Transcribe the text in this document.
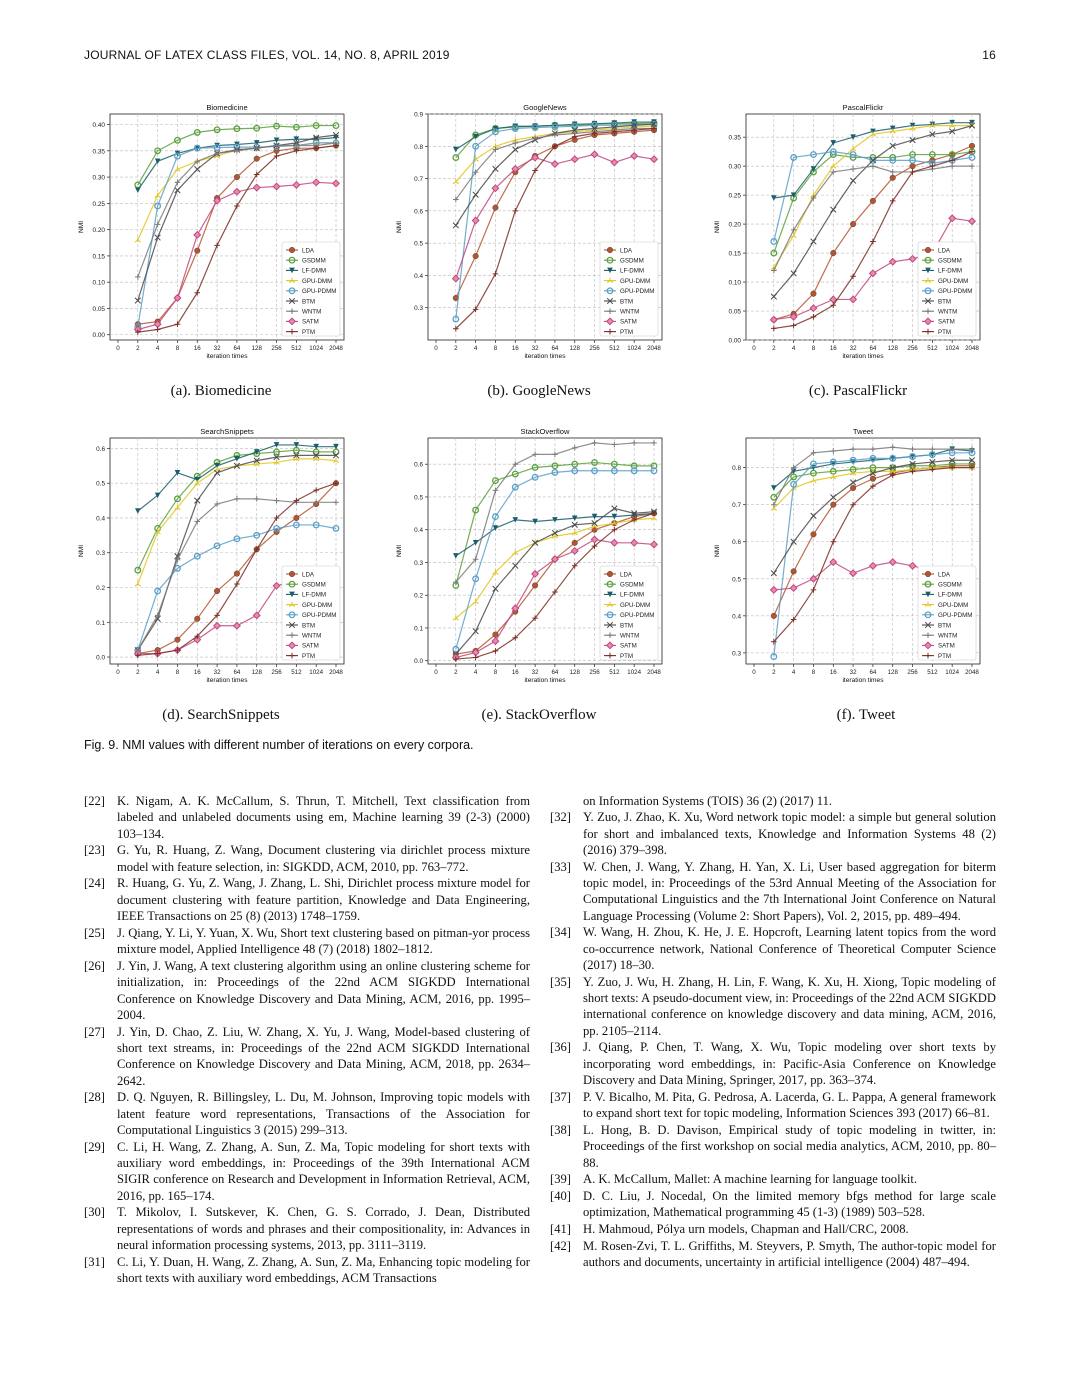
JOURNAL OF LATEX CLASS FILES, VOL. 14, NO. 8, APRIL 2019	16
0.00
0.05
0.10
0.15
0.20
0.25
0.30
0.35
0.40
0	2	4	8 16 32 64 128 256 512 1024 2048
Biomedicine
iteration times
NMI
LDA
GSDMM
LF-DMM
GPU-DMM
GPU-PDMM
BTM
WNTM
SATM
PTM
0.3
0.4
0.5
0.6
0.7
0.8
0.9
0	2	4	8 16 32 64 128 256 512 1024 2048
GoogleNews
iteration times
NMI
LDA
GSDMM
LF-DMM
GPU-DMM
GPU-PDMM
BTM
WNTM
SATM
PTM
0.00
0.05
0.10
0.15
0.20
0.25
0.30
0.35
0	2	4	8 16 32 64 128 256 512 1024 2048
PascalFlickr
iteration times
NMI
LDA
GSDMM
LF-DMM
GPU-DMM
GPU-PDMM
BTM
WNTM
SATM
PTM
0.0
0.1
0.2
0.3
0.4
0.5
0.6
0	2	4	8 16 32 64 128 256 512 1024 2048
SearchSnippets
iteration times
NMI
LDA
GSDMM
LF-DMM
GPU-DMM
GPU-PDMM
BTM
WNTM
SATM
PTM
0.0
0.1
0.2
0.3
0.4
0.5
0.6
0	2	4	8 16 32 64 128 256 512 1024 2048
StackOverflow
iteration times
NMI
LDA
GSDMM
LF-DMM
GPU-DMM
GPU-PDMM
BTM
WNTM
SATM
PTM	0.3
0.4
0.5
0.6
0.7
0.8
0	2	4	8 16 32 64 128 256 512 1024 2048
Tweet
iteration times
NMI
LDA
GSDMM
LF-DMM
GPU-DMM
GPU-PDMM
BTM
WNTM
SATM
PTM
(a). Biomedicine	(b). GoogleNews	(c). PascalFlickr
(d). SearchSnippets	(e). StackOverflow	(f). Tweet
Fig. 9. NMI values with different number of iterations on every corpora.
[22] K. Nigam, A. K. McCallum, S. Thrun, T. Mitchell, Text classification from labeled and unlabeled documents using em, Machine learning 39 (2-3) (2000) 103–134.
[23] G. Yu, R. Huang, Z. Wang, Document clustering via dirichlet process mixture model with feature selection, in: SIGKDD, ACM, 2010, pp. 763–772.
[24] R. Huang, G. Yu, Z. Wang, J. Zhang, L. Shi, Dirichlet process mixture model for document clustering with feature partition, Knowledge and Data Engineering, IEEE Transactions on 25 (8) (2013) 1748–1759.
[25] J. Qiang, Y. Li, Y. Yuan, X. Wu, Short text clustering based on pitman-yor process mixture model, Applied Intelligence 48 (7) (2018) 1802–1812.
[26] J. Yin, J. Wang, A text clustering algorithm using an online clustering scheme for initialization, in: Proceedings of the 22nd ACM SIGKDD International Conference on Knowledge Discovery and Data Mining, ACM, 2016, pp. 1995–2004.
[27] J. Yin, D. Chao, Z. Liu, W. Zhang, X. Yu, J. Wang, Model-based clustering of short text streams, in: Proceedings of the 22nd ACM SIGKDD International Conference on Knowledge Discovery and Data Mining, ACM, 2018, pp. 2634–2642.
[28] D. Q. Nguyen, R. Billingsley, L. Du, M. Johnson, Improving topic models with latent feature word representations, Transactions of the Association for Computational Linguistics 3 (2015) 299–313.
[29] C. Li, H. Wang, Z. Zhang, A. Sun, Z. Ma, Topic modeling for short texts with auxiliary word embeddings, in: Proceedings of the 39th International ACM SIGIR conference on Research and Development in Information Retrieval, ACM, 2016, pp. 165–174.
[30] T. Mikolov, I. Sutskever, K. Chen, G. S. Corrado, J. Dean, Distributed representations of words and phrases and their compositionality, in: Advances in neural information processing systems, 2013, pp. 3111–3119.
[31] C. Li, Y. Duan, H. Wang, Z. Zhang, A. Sun, Z. Ma, Enhancing topic modeling for short texts with auxiliary word embeddings, ACM Transactions
on Information Systems (TOIS) 36 (2) (2017) 11.
[32] Y. Zuo, J. Zhao, K. Xu, Word network topic model: a simple but general solution for short and imbalanced texts, Knowledge and Information Systems 48 (2) (2016) 379–398.
[33] W. Chen, J. Wang, Y. Zhang, H. Yan, X. Li, User based aggregation for biterm topic model, in: Proceedings of the 53rd Annual Meeting of the Association for Computational Linguistics and the 7th International Joint Conference on Natural Language Processing (Volume 2: Short Papers), Vol. 2, 2015, pp. 489–494.
[34] W. Wang, H. Zhou, K. He, J. E. Hopcroft, Learning latent topics from the word co-occurrence network, National Conference of Theoretical Computer Science (2017) 18–30.
[35] Y. Zuo, J. Wu, H. Zhang, H. Lin, F. Wang, K. Xu, H. Xiong, Topic modeling of short texts: A pseudo-document view, in: Proceedings of the 22nd ACM SIGKDD international conference on knowledge discovery and data mining, ACM, 2016, pp. 2105–2114.
[36] J. Qiang, P. Chen, T. Wang, X. Wu, Topic modeling over short texts by incorporating word embeddings, in: Pacific-Asia Conference on Knowledge Discovery and Data Mining, Springer, 2017, pp. 363–374.
[37] P. V. Bicalho, M. Pita, G. Pedrosa, A. Lacerda, G. L. Pappa, A general framework to expand short text for topic modeling, Information Sciences 393 (2017) 66–81.
[38] L. Hong, B. D. Davison, Empirical study of topic modeling in twitter, in: Proceedings of the first workshop on social media analytics, ACM, 2010, pp. 80–88.
[39] A. K. McCallum, Mallet: A machine learning for language toolkit.
[40] D. C. Liu, J. Nocedal, On the limited memory bfgs method for large scale optimization, Mathematical programming 45 (1-3) (1989) 503–528.
[41] H. Mahmoud, Pólya urn models, Chapman and Hall/CRC, 2008.
[42] M. Rosen-Zvi, T. L. Griffiths, M. Steyvers, P. Smyth, The author-topic model for authors and documents, uncertainty in artificial intelligence (2004) 487–494.
